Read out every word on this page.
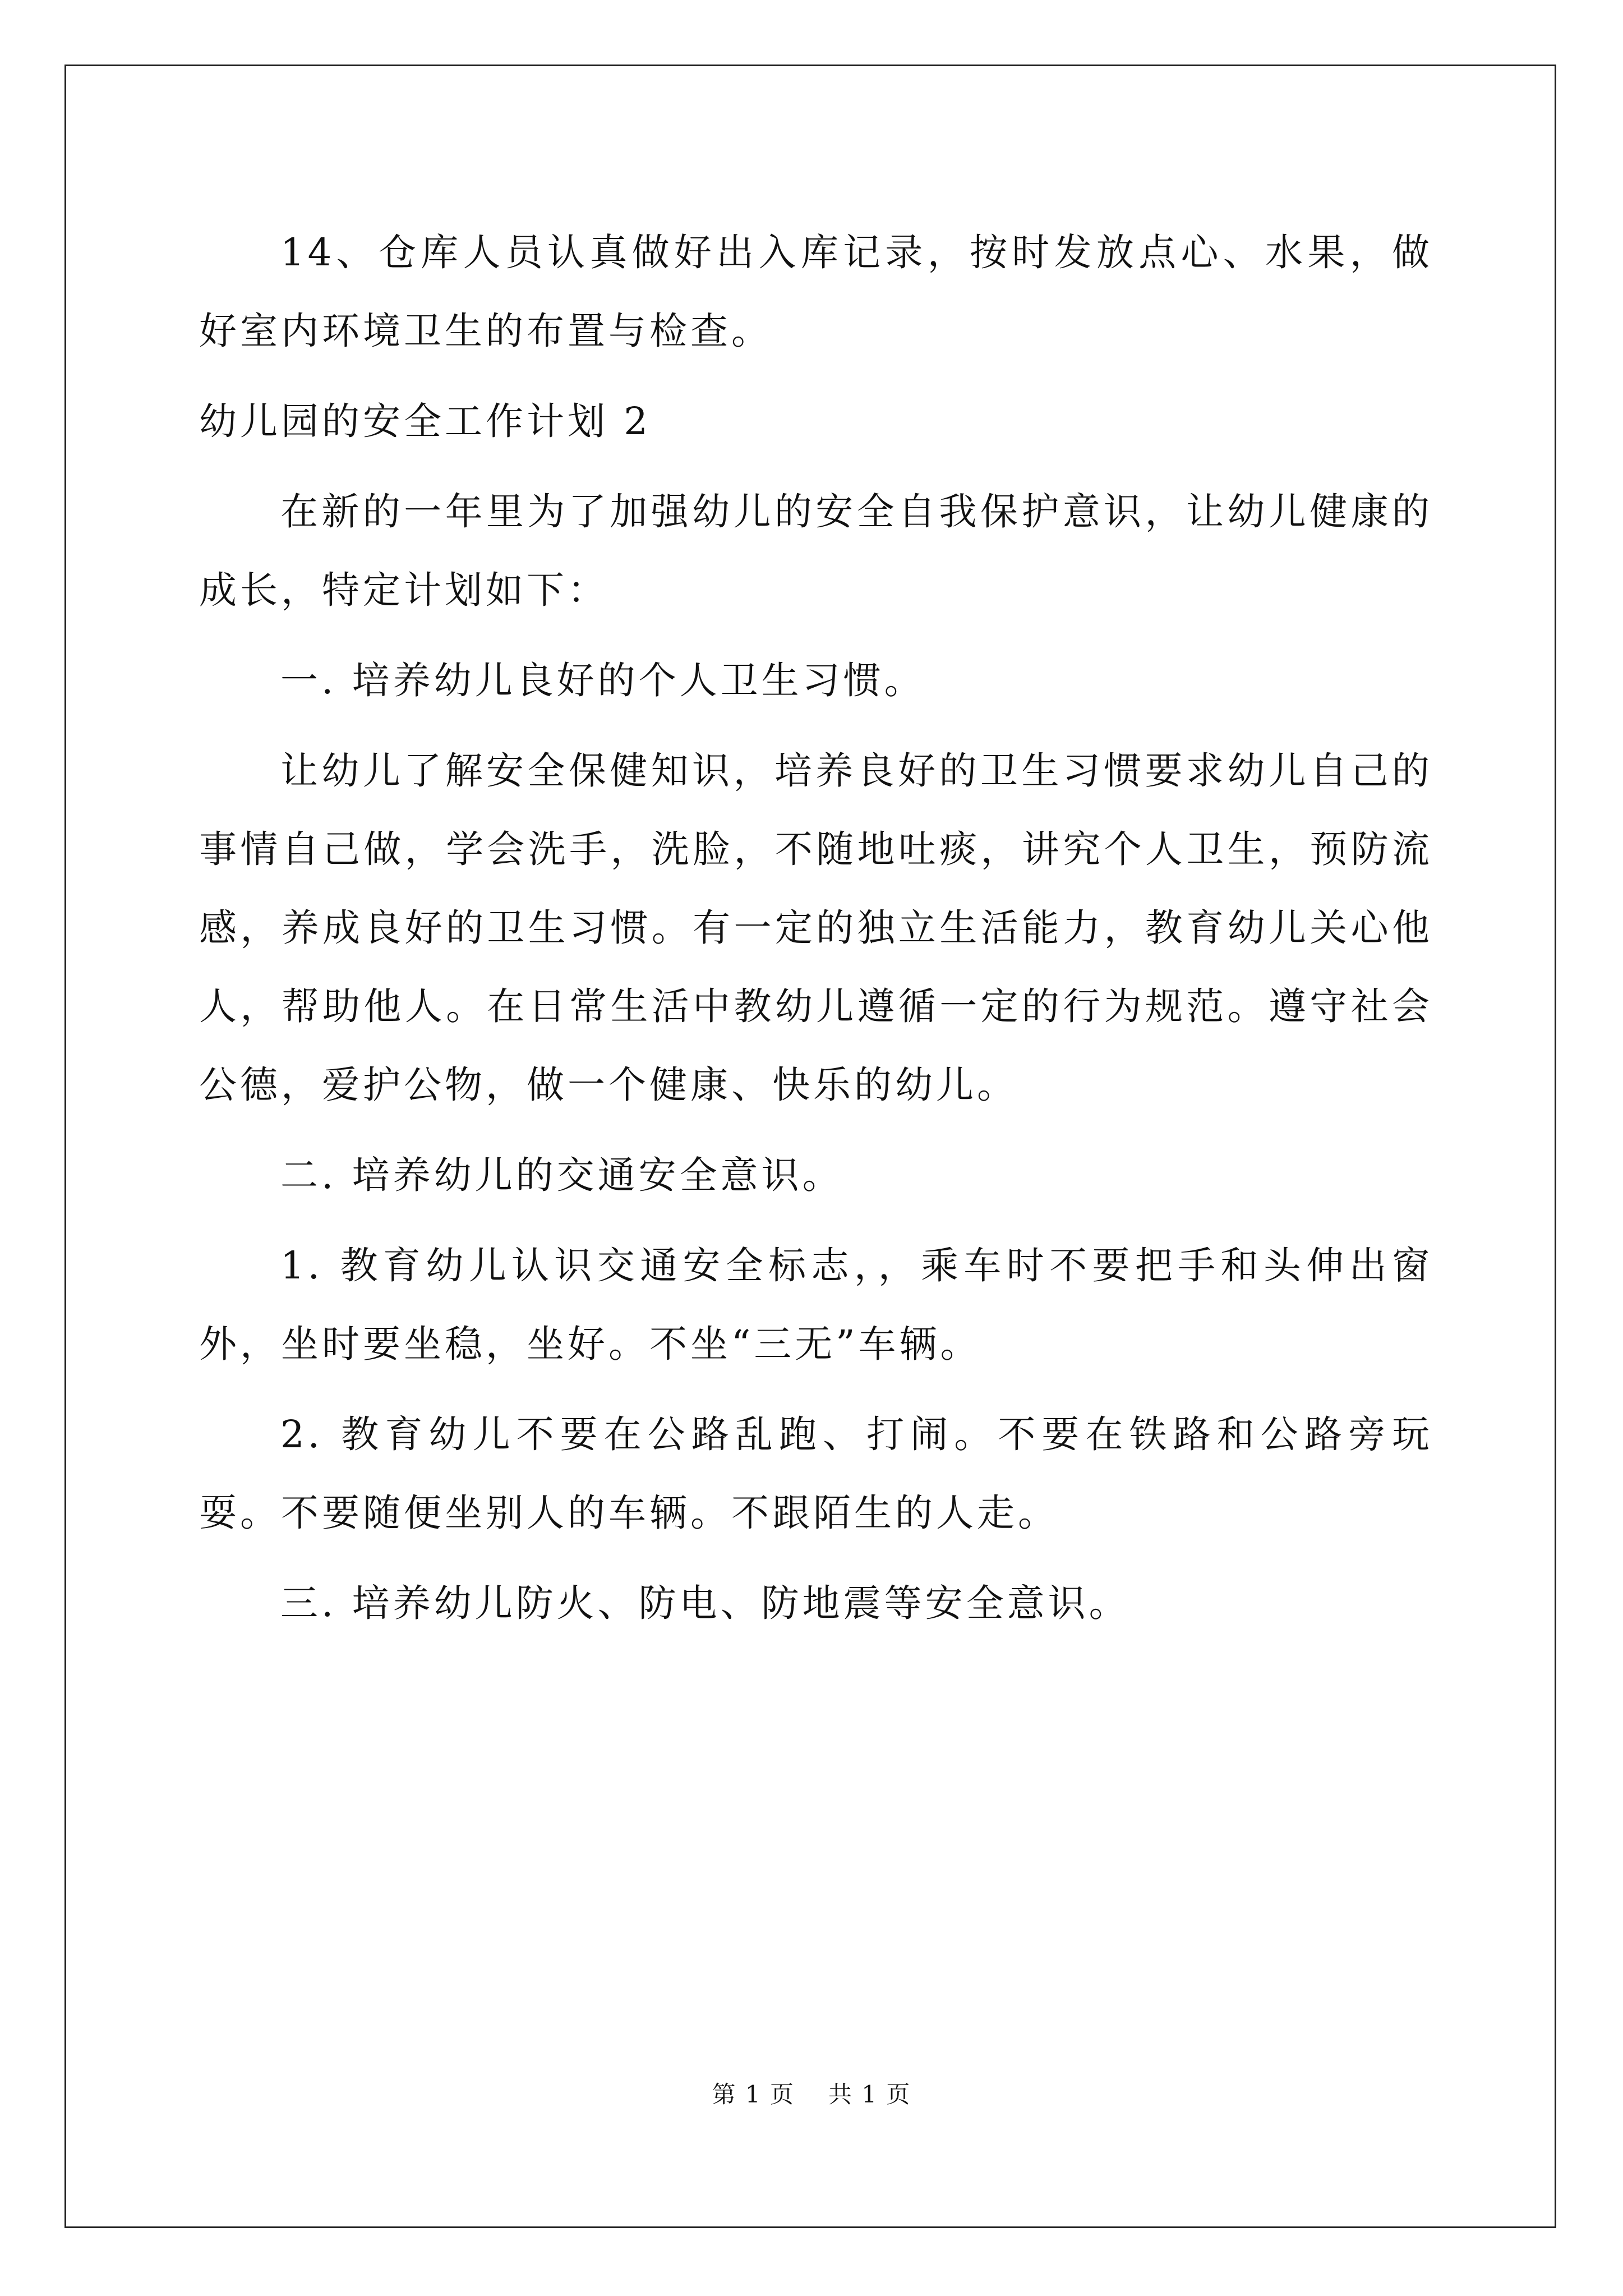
14、仓库人员认真做好出入库记录，按时发放点心、水果，做好室内环境卫生的布置与检查。

幼儿园的安全工作计划 2

在新的一年里为了加强幼儿的安全自我保护意识，让幼儿健康的成长，特定计划如下：

一. 培养幼儿良好的个人卫生习惯。

让幼儿了解安全保健知识，培养良好的卫生习惯要求幼儿自己的事情自己做，学会洗手，洗脸，不随地吐痰，讲究个人卫生，预防流感，养成良好的卫生习惯。有一定的独立生活能力，教育幼儿关心他人，帮助他人。在日常生活中教幼儿遵循一定的行为规范。遵守社会公德，爱护公物，做一个健康、快乐的幼儿。

二. 培养幼儿的交通安全意识。

1. 教育幼儿认识交通安全标志，，乘车时不要把手和头伸出窗外，坐时要坐稳，坐好。不坐“三无”车辆。

2. 教育幼儿不要在公路乱跑、打闹。不要在铁路和公路旁玩耍。不要随便坐别人的车辆。不跟陌生的人走。

三. 培养幼儿防火、防电、防地震等安全意识。

第 1 页 共 1 页
